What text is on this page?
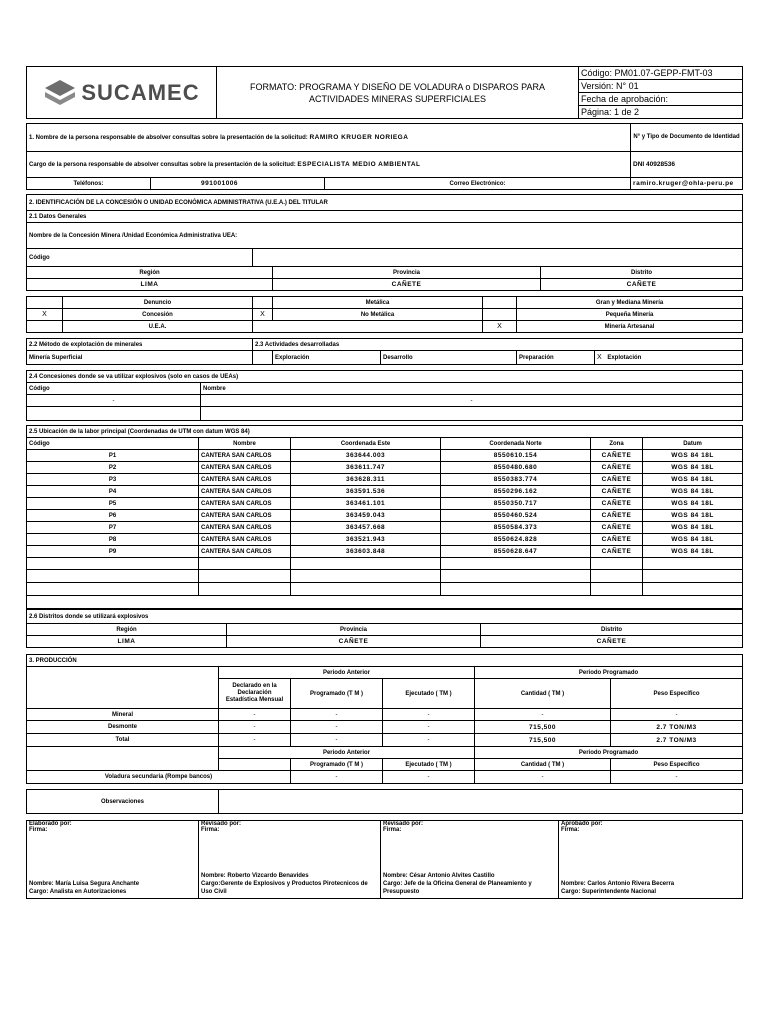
SUCAMEC	FORMATO: PROGRAMA Y DISEÑO DE VOLADURA o DISPAROS PARA
ACTIVIDADES MINERAS SUPERFICIALES	Código: PM01.07-GEPP-FMT-03
Versión: N° 01
Fecha de aprobación:
Página: 1 de 2
1. Nombre de la persona responsable de absolver consultas sobre la presentación de la solicitud: RAMIRO KRUGER NORIEGA			N° y Tipo de Documento de Identidad
Cargo de la persona responsable de absolver consultas sobre la presentación de la solicitud: ESPECIALISTA MEDIO AMBIENTAL			DNI 40928536
Teléfonos:	991001006	Correo Electrónico:	ramiro.kruger@ohla-peru.pe
2. IDENTIFICACIÓN DE LA CONCESIÓN O UNIDAD ECONÓMICA ADMINISTRATIVA (U.E.A.) DEL TITULAR									
2.1 Datos Generales									
Nombre de la Concesión Minera /Unidad Económica Administrativa UEA:									
Código									
Región				Provincia				Distrito	
LIMA				CAÑETE				CAÑETE	

	Denuncio			Metálica			Gran y Mediana Minería		
X	Concesión		X	No Metálica			Pequeña Minería		
	U.E.A.					X	Minería Artesanal		

2.2 Método de explotación de minerales			2.3 Actividades desarrolladas						
Minería Superficial				Exploración	Desarrollo		Preparación		X Explotación

2.4 Concesiones donde se va utilizar explosivos (solo en casos de UEAs)									
Código		Nombre							
-		-							

2.5 Ubicación de la labor principal (Coordenadas de UTM con datum WGS 84)					
Código	Nombre	Coordenada Este	Coordenada Norte	Zona	Datum
P1	CANTERA SAN CARLOS	363644.003	8550610.154	CAÑETE	WGS 84 18L
P2	CANTERA SAN CARLOS	363611.747	8550480.680	CAÑETE	WGS 84 18L
P3	CANTERA SAN CARLOS	363628.311	8550383.774	CAÑETE	WGS 84 18L
P4	CANTERA SAN CARLOS	363591.536	8550296.162	CAÑETE	WGS 84 18L
P5	CANTERA SAN CARLOS	363461.101	8550350.717	CAÑETE	WGS 84 18L
P6	CANTERA SAN CARLOS	363459.043	8550460.524	CAÑETE	WGS 84 18L
P7	CANTERA SAN CARLOS	363457.668	8550584.373	CAÑETE	WGS 84 18L
P8	CANTERA SAN CARLOS	363521.943	8550624.828	CAÑETE	WGS 84 18L
P9	CANTERA SAN CARLOS	363603.848	8550628.647	CAÑETE	WGS 84 18L

2.6 Distritos donde se utilizará explosivos		
Región	Provincia	Distrito
LIMA	CAÑETE	CAÑETE
3. PRODUCCIÓN					
	Periodo Anterior			Periodo Programado	
	Declarado en la Declaración Estadística Mensual	Programado (T M )	Ejecutado ( TM )	Cantidad ( TM )	Peso Específico
Mineral	-	-	-	-	-
Desmonte	-	-	-	715,500	2.7 TON/M3
Total	-	-	-	715,500	2.7 TON/M3
	Periodo Anterior			Periodo Programado	
		Programado (T M )	Ejecutado ( TM )	Cantidad ( TM )	Peso Específico
Voladura secundaria (Rompe bancos)		-	-	-	-

Observaciones					
Elaborado por:
Firma:
Nombre: María Luisa Segura Anchante
Cargo: Analista en Autorizaciones

Revisado por:
Firma:
Nombre: Roberto Vizcardo Benavides
Cargo:Gerente de Explosivos y Productos Pirotecnicos de Uso Civil

Revisado por:
Firma:
Nombre: César Antonio Alvites Castillo
Cargo: Jefe de la Oficina General de Planeamiento y Presupuesto

Aprobado por:
Firma:
Nombre: Carlos Antonio Rivera Becerra
Cargo: Superintendente Nacional
